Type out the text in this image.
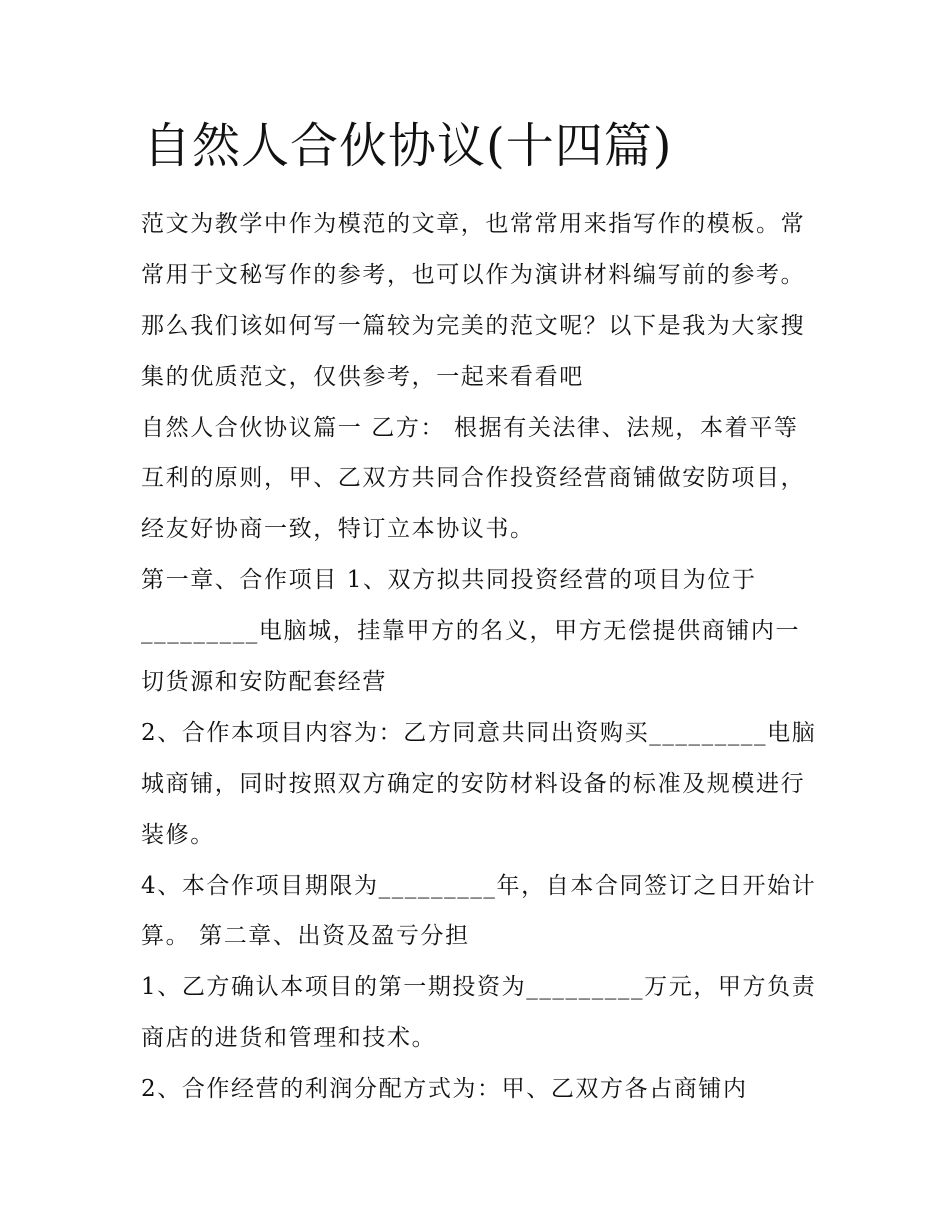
自然人合伙协议(十四篇)
范文为教学中作为模范的文章，也常常用来指写作的模板。常
常用于文秘写作的参考，也可以作为演讲材料编写前的参考。
那么我们该如何写一篇较为完美的范文呢？以下是我为大家搜
集的优质范文，仅供参考，一起来看看吧
自然人合伙协议篇一 乙方： 根据有关法律、法规，本着平等
互利的原则，甲、乙双方共同合作投资经营商铺做安防项目，
经友好协商一致，特订立本协议书。
第一章、合作项目 1、双方拟共同投资经营的项目为位于
_________电脑城，挂靠甲方的名义，甲方无偿提供商铺内一
切货源和安防配套经营
2、合作本项目内容为：乙方同意共同出资购买_________电脑
城商铺，同时按照双方确定的安防材料设备的标准及规模进行
装修。
4、本合作项目期限为_________年，自本合同签订之日开始计
算。 第二章、出资及盈亏分担
1、乙方确认本项目的第一期投资为_________万元，甲方负责
商店的进货和管理和技术。
2、合作经营的利润分配方式为：甲、乙双方各占商铺内
